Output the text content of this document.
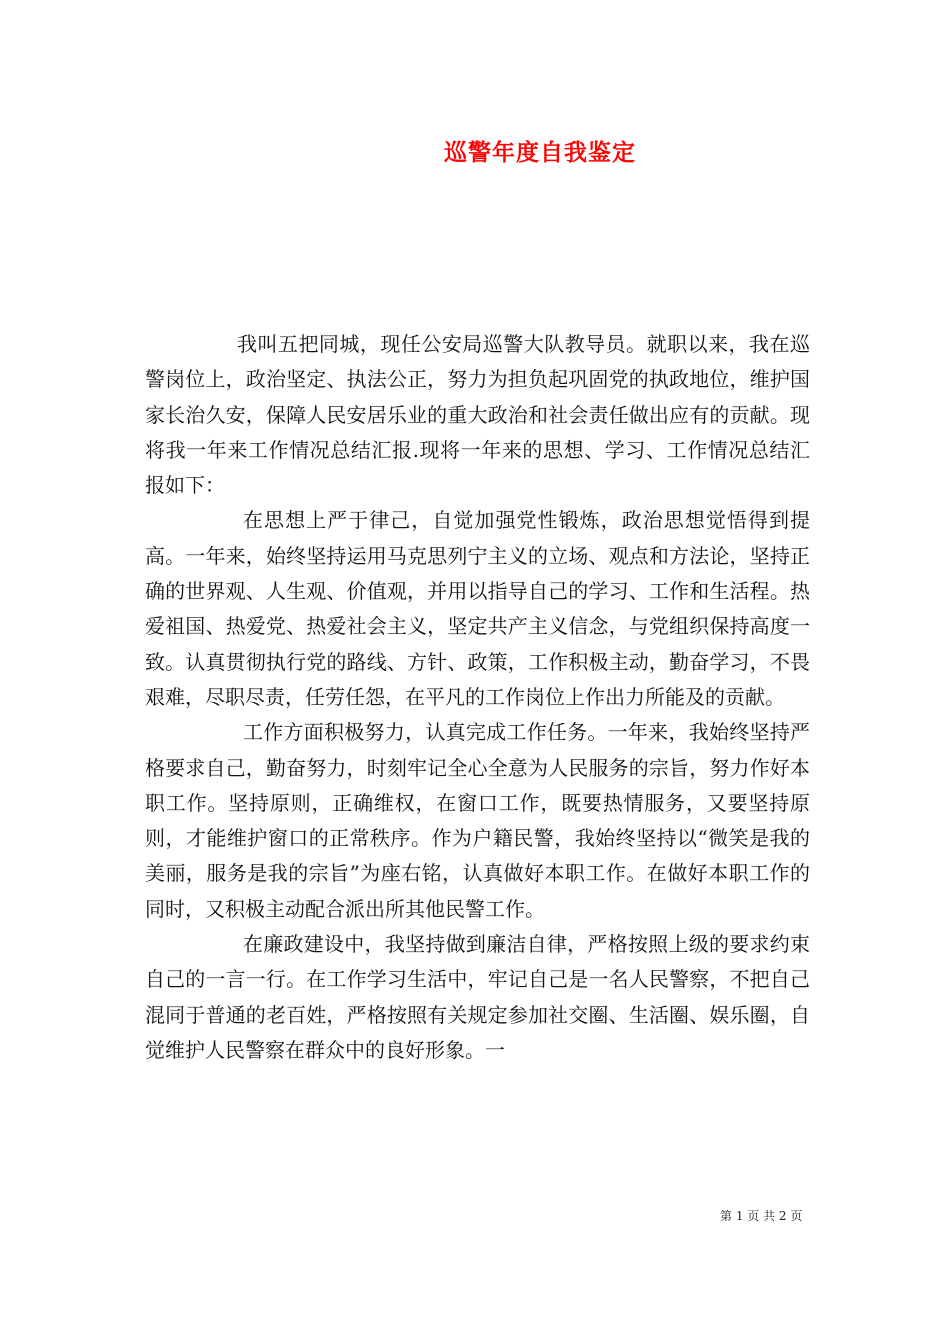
巡警年度自我鉴定

我叫五把同城，现任公安局巡警大队教导员。就职以来，我在巡警岗位上，政治坚定、执法公正，努力为担负起巩固党的执政地位，维护国家长治久安，保障人民安居乐业的重大政治和社会责任做出应有的贡献。现将我一年来工作情况总结汇报.现将一年来的思想、学习、工作情况总结汇报如下：

在思想上严于律己，自觉加强党性锻炼，政治思想觉悟得到提高。一年来，始终坚持运用马克思列宁主义的立场、观点和方法论，坚持正确的世界观、人生观、价值观，并用以指导自己的学习、工作和生活程。热爱祖国、热爱党、热爱社会主义，坚定共产主义信念，与党组织保持高度一致。认真贯彻执行党的路线、方针、政策，工作积极主动，勤奋学习，不畏艰难，尽职尽责，任劳任怨，在平凡的工作岗位上作出力所能及的贡献。

工作方面积极努力，认真完成工作任务。一年来，我始终坚持严格要求自己，勤奋努力，时刻牢记全心全意为人民服务的宗旨，努力作好本职工作。坚持原则，正确维权，在窗口工作，既要热情服务，又要坚持原则，才能维护窗口的正常秩序。作为户籍民警，我始终坚持以“微笑是我的美丽，服务是我的宗旨”为座右铭，认真做好本职工作。在做好本职工作的同时，又积极主动配合派出所其他民警工作。

在廉政建设中，我坚持做到廉洁自律，严格按照上级的要求约束自己的一言一行。在工作学习生活中，牢记自己是一名人民警察，不把自己混同于普通的老百姓，严格按照有关规定参加社交圈、生活圈、娱乐圈，自觉维护人民警察在群众中的良好形象。一

第 1 页 共 2 页
